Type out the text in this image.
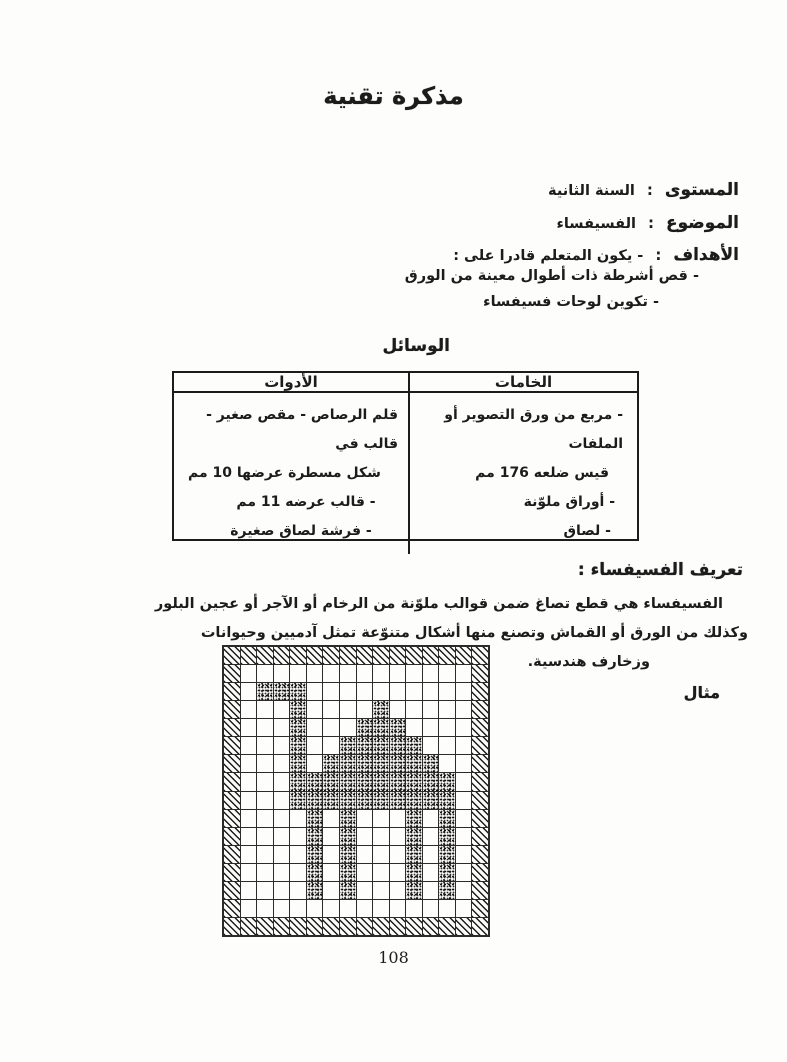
مذكرة تقنية
المستوى:السنة الثانية
الموضوع:الفسيفساء
الأهداف:- يكون المتعلم قادرا على :
- قص أشرطة ذات أطوال معينة من الورق
- تكوين لوحات فسيفساء
الوسائل
الأدوات	الخامات
قلم الرصاص - مقص صغير - قالب في
شكل مسطرة عرضها 10 مم
- قالب عرضه 11 مم
- فرشة لصاق صغيرة
- مربع من ورق التصوير أو الملفات
قيس ضلعه 176 مم
- أوراق ملوّنة
- لصاق
تعريف الفسيفساء :
الفسيفساء هي قطع تصاغ ضمن قوالب ملوّنة من الرخام أو الآجر أو عجين البلور
وكذلك من الورق أو القماش وتصنع منها أشكال متنوّعة تمثل آدميين وحيوانات
وزخارف هندسية.
مثال
108
